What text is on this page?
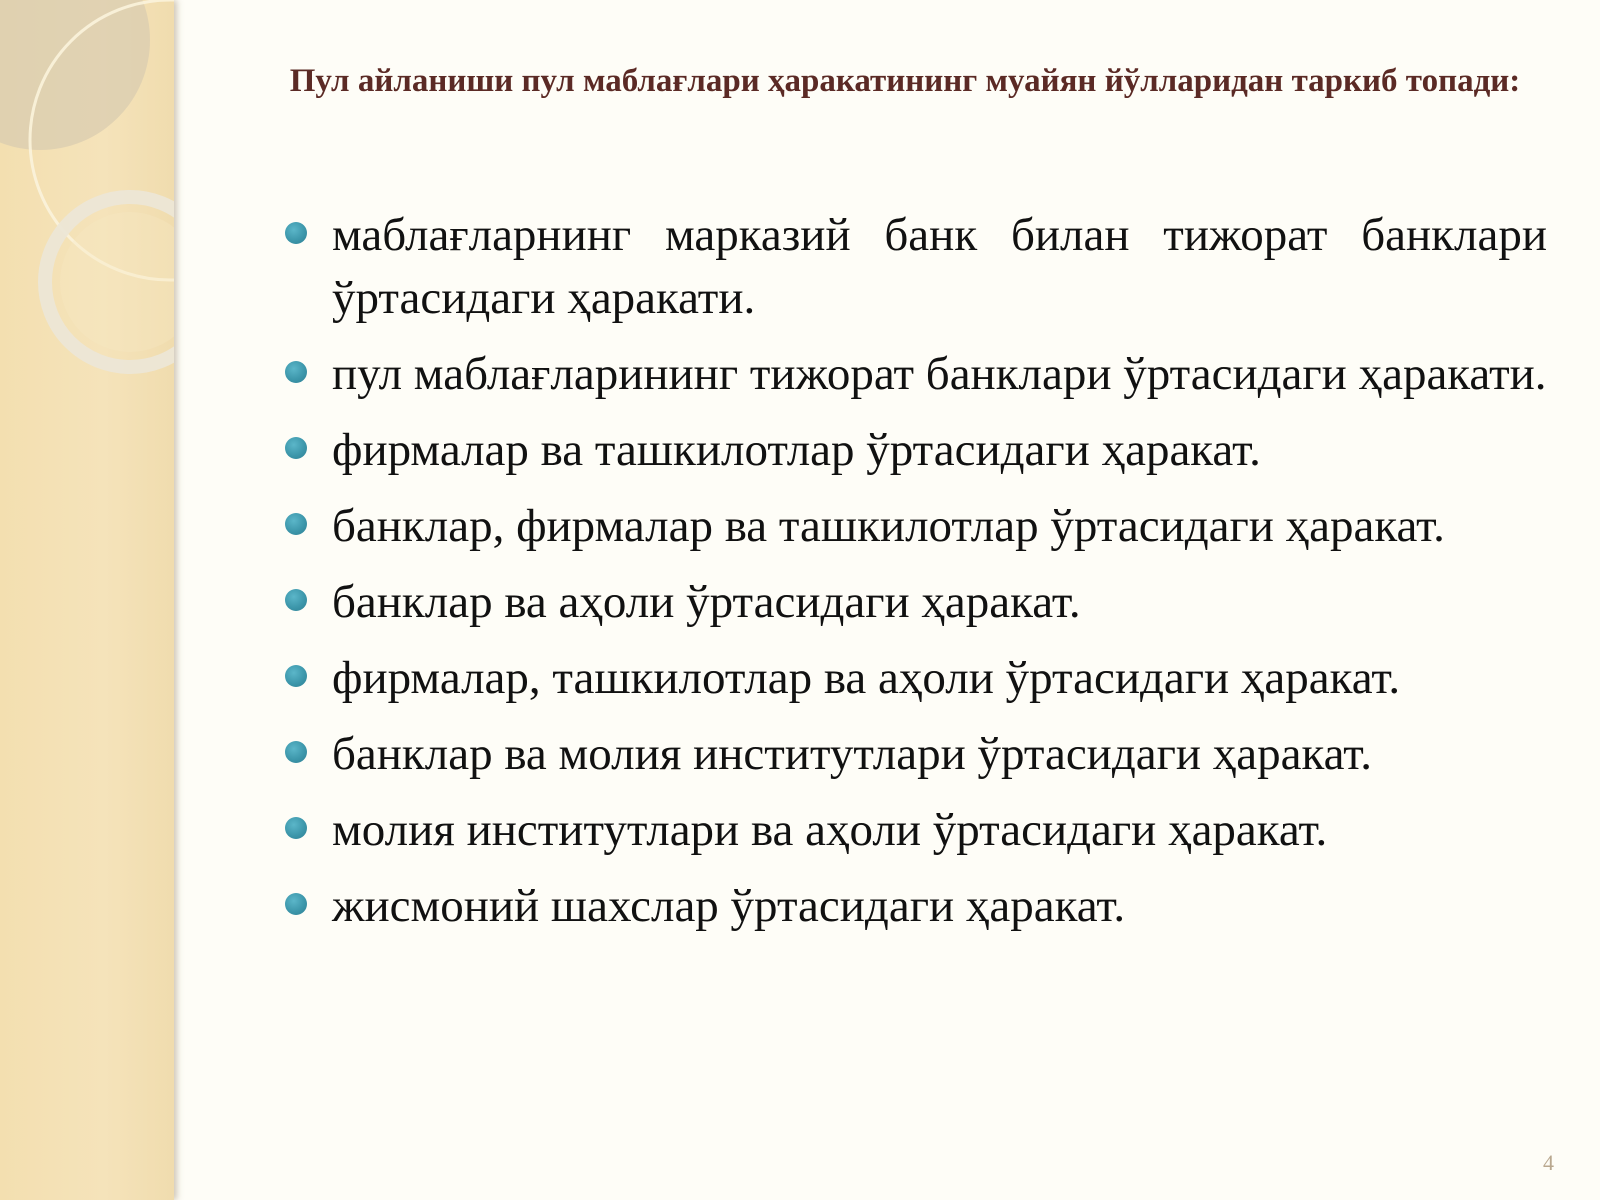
Пул айланиши пул маблағлари ҳаракатининг муайян йўлларидан таркиб топади:
маблағларнинг марказий банк билан тижорат банклари ўртасидаги ҳаракати.
пул маблағларининг тижорат банклари ўртасидаги ҳаракати.
фирмалар ва ташкилотлар ўртасидаги ҳаракат.
банклар, фирмалар ва ташкилотлар ўртасидаги ҳаракат.
банклар ва аҳоли ўртасидаги ҳаракат.
фирмалар, ташкилотлар ва аҳоли ўртасидаги ҳаракат.
банклар ва молия институтлари ўртасидаги ҳаракат.
молия институтлари ва аҳоли ўртасидаги ҳаракат.
жисмоний шахслар ўртасидаги ҳаракат.
4
